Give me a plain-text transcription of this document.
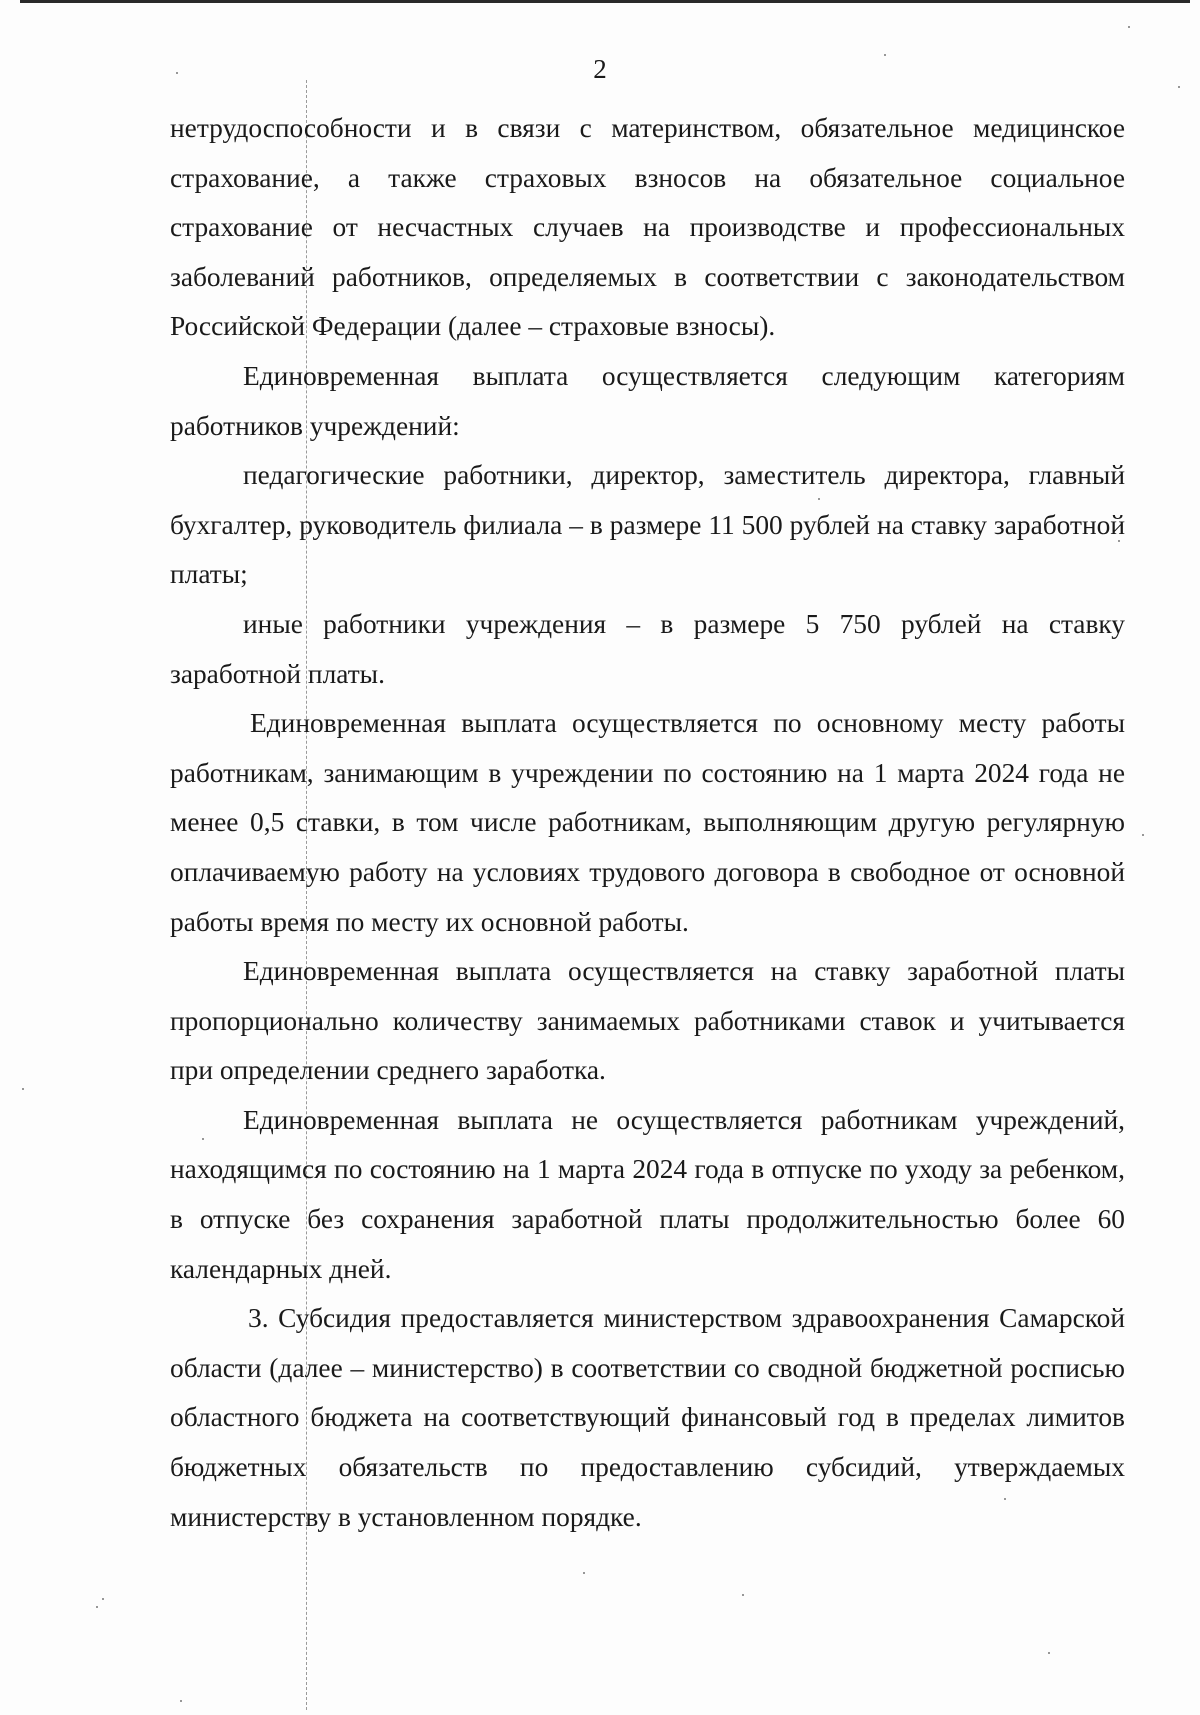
2

нетрудоспособности и в связи с материнством, обязательное медицинское страхование, а также страховых взносов на обязательное социальное страхование от несчастных случаев на производстве и профессиональных заболеваний работников, определяемых в соответствии с законодательством Российской Федерации (далее – страховые взносы).

Единовременная выплата осуществляется следующим категориям работников учреждений:

педагогические работники, директор, заместитель директора, главный бухгалтер, руководитель филиала – в размере 11 500 рублей на ставку заработной платы;

иные работники учреждения – в размере 5 750 рублей на ставку заработной платы.

Единовременная выплата осуществляется по основному месту работы работникам, занимающим в учреждении по состоянию на 1 марта 2024 года не менее 0,5 ставки, в том числе работникам, выполняющим другую регулярную оплачиваемую работу на условиях трудового договора в свободное от основной работы время по месту их основной работы.

Единовременная выплата осуществляется на ставку заработной платы пропорционально количеству занимаемых работниками ставок и учитывается при определении среднего заработка.

Единовременная выплата не осуществляется работникам учреждений, находящимся по состоянию на 1 марта 2024 года в отпуске по уходу за ребенком, в отпуске без сохранения заработной платы продолжительностью более 60 календарных дней.

3. Субсидия предоставляется министерством здравоохранения Самарской области (далее – министерство) в соответствии со сводной бюджетной росписью областного бюджета на соответствующий финансовый год в пределах лимитов бюджетных обязательств по предоставлению субсидий, утверждаемых министерству в установленном порядке.
